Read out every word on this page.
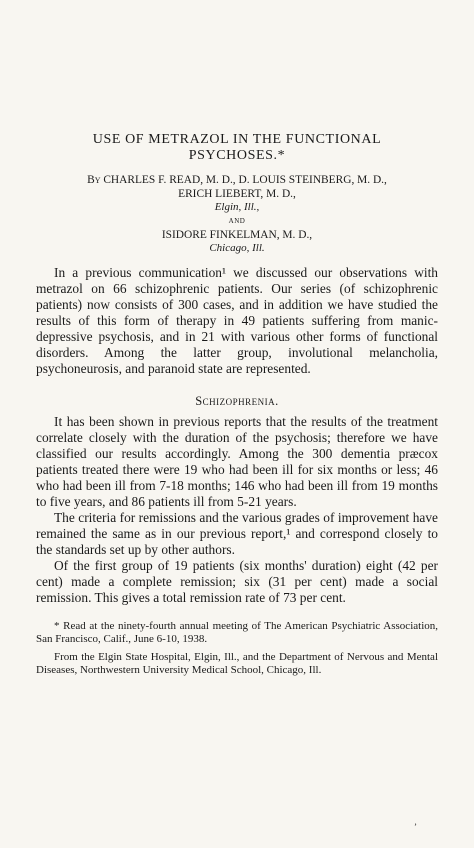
USE OF METRAZOL IN THE FUNCTIONAL
PSYCHOSES.*
By CHARLES F. READ, M. D., D. LOUIS STEINBERG, M. D.,
ERICH LIEBERT, M. D.,
Elgin, Ill.,
AND
ISIDORE FINKELMAN, M. D.,
Chicago, Ill.

In a previous communication¹ we discussed our observations with metrazol on 66 schizophrenic patients. Our series (of schizophrenic patients) now consists of 300 cases, and in addition we have studied the results of this form of therapy in 49 patients suffering from manic-depressive psychosis, and in 21 with various other forms of functional disorders. Among the latter group, involutional melancholia, psychoneurosis, and paranoid state are represented.

Schizophrenia.

It has been shown in previous reports that the results of the treatment correlate closely with the duration of the psychosis; therefore we have classified our results accordingly. Among the 300 dementia præcox patients treated there were 19 who had been ill for six months or less; 46 who had been ill from 7-18 months; 146 who had been ill from 19 months to five years, and 86 patients ill from 5-21 years.

The criteria for remissions and the various grades of improvement have remained the same as in our previous report,¹ and correspond closely to the standards set up by other authors.

Of the first group of 19 patients (six months' duration) eight (42 per cent) made a complete remission; six (31 per cent) made a social remission. This gives a total remission rate of 73 per cent.

* Read at the ninety-fourth annual meeting of The American Psychiatric Association, San Francisco, Calif., June 6-10, 1938.

From the Elgin State Hospital, Elgin, Ill., and the Department of Nervous and Mental Diseases, Northwestern University Medical School, Chicago, Ill.

’
